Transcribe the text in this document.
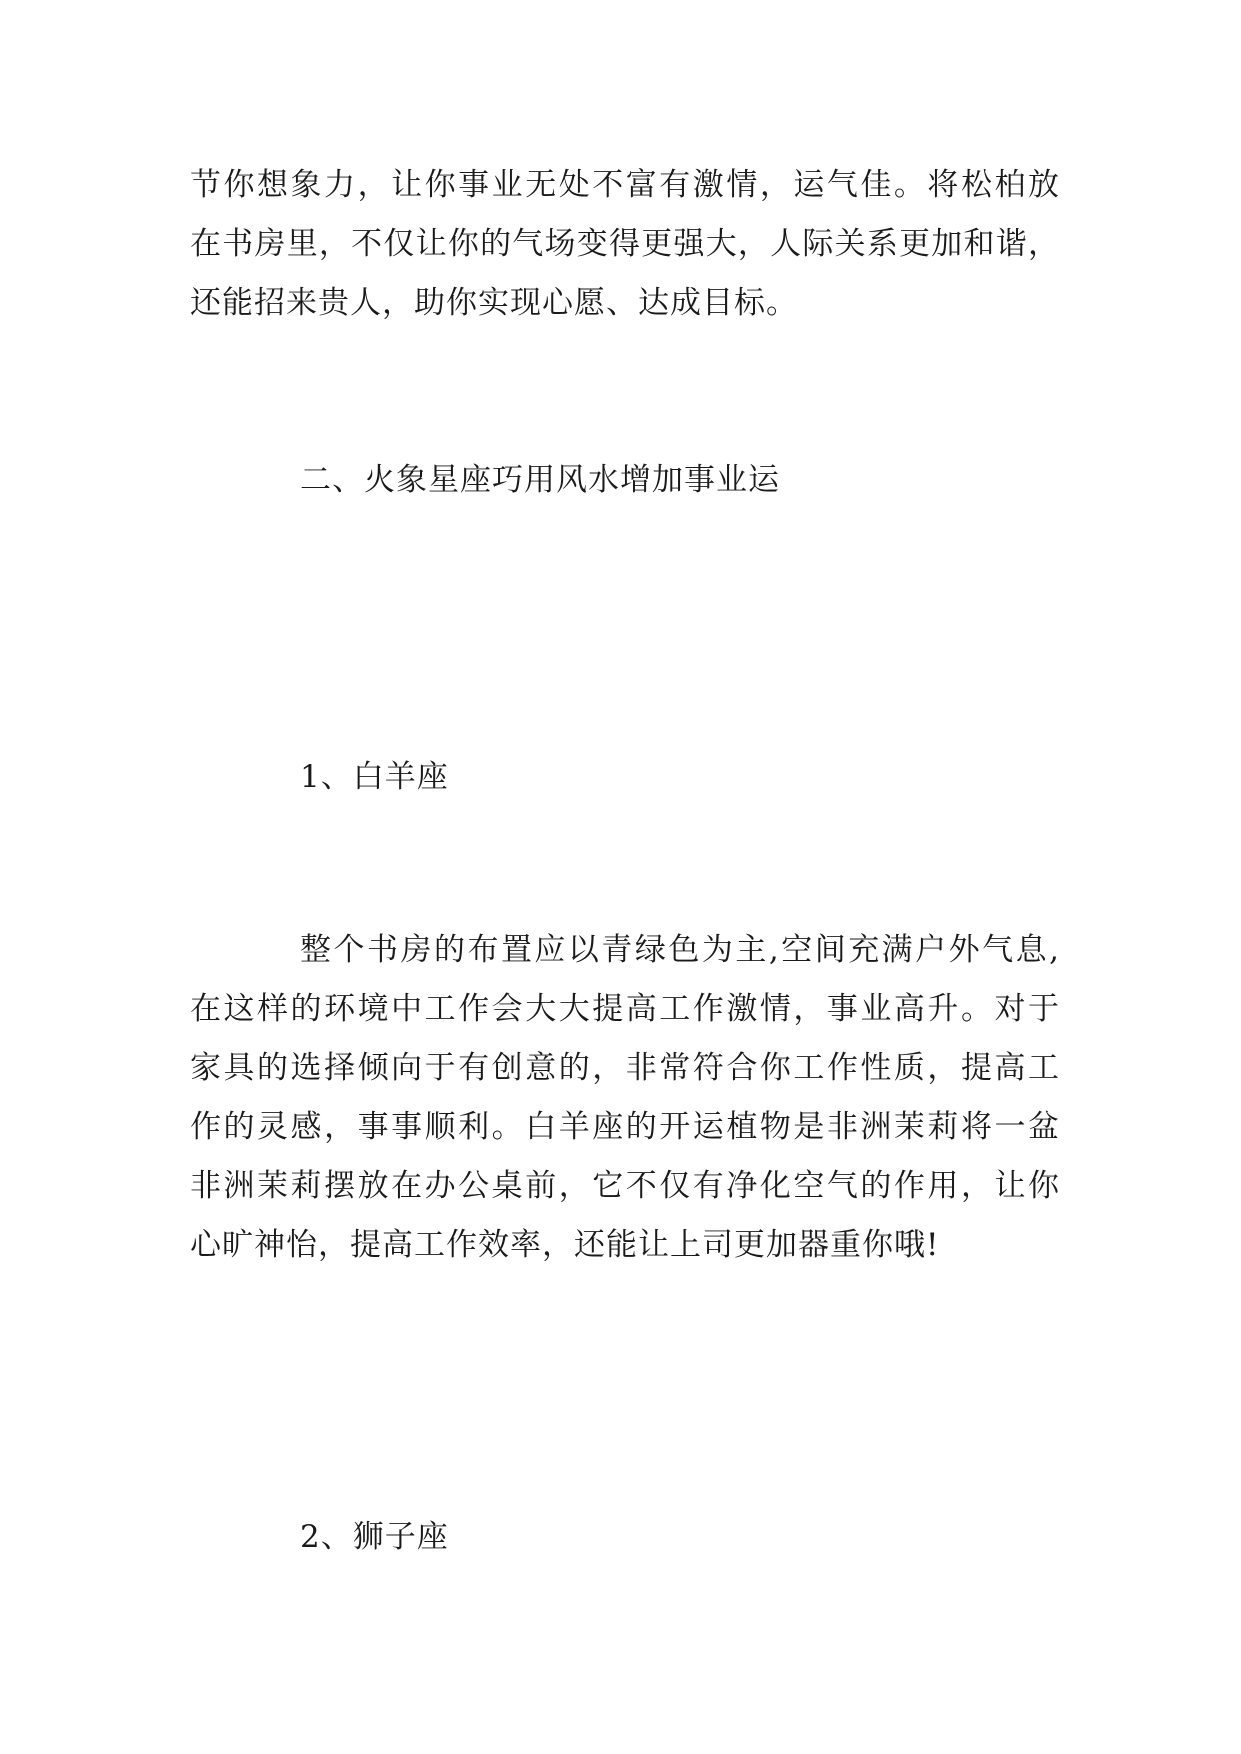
节你想象力，让你事业无处不富有激情，运气佳。将松柏放
在书房里，不仅让你的气场变得更强大，人际关系更加和谐，
还能招来贵人，助你实现心愿、达成目标。
二、火象星座巧用风水增加事业运
1、白羊座
整个书房的布置应以青绿色为主,空间充满户外气息,
在这样的环境中工作会大大提高工作激情，事业高升。对于
家具的选择倾向于有创意的，非常符合你工作性质，提高工
作的灵感，事事顺利。白羊座的开运植物是非洲茉莉将一盆
非洲茉莉摆放在办公桌前，它不仅有净化空气的作用，让你
心旷神怡，提高工作效率，还能让上司更加器重你哦!
2、狮子座
